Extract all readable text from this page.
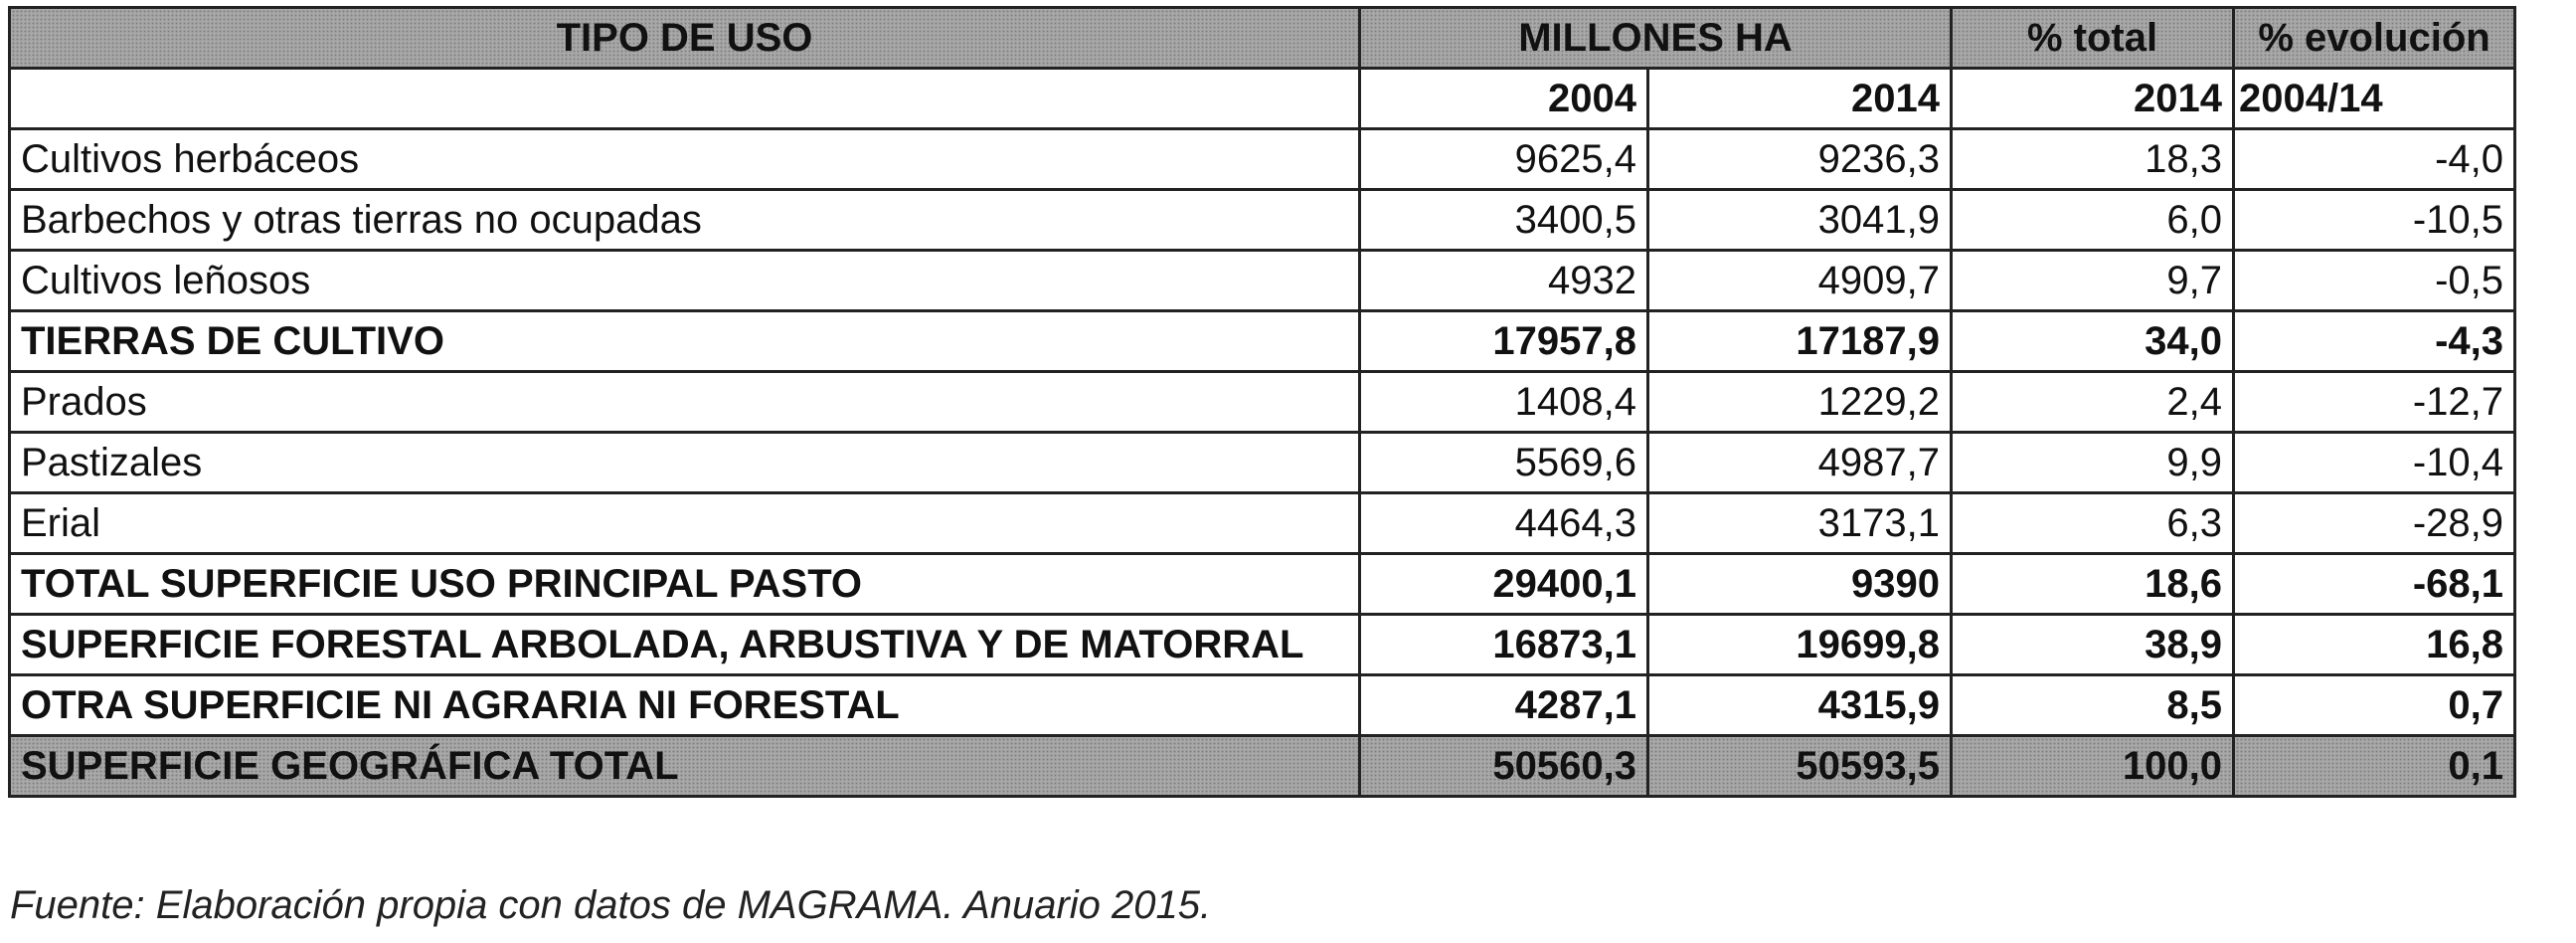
TIPO DE USO	MILLONES HA		% total	% evolución
	2004	2014	2014	2004/14
Cultivos herbáceos	9625,4	9236,3	18,3	-4,0
Barbechos y otras tierras no ocupadas	3400,5	3041,9	6,0	-10,5
Cultivos leñosos	4932	4909,7	9,7	-0,5
TIERRAS DE CULTIVO	17957,8	17187,9	34,0	-4,3
Prados	1408,4	1229,2	2,4	-12,7
Pastizales	5569,6	4987,7	9,9	-10,4
Erial	4464,3	3173,1	6,3	-28,9
TOTAL SUPERFICIE USO PRINCIPAL PASTO	29400,1	9390	18,6	-68,1
SUPERFICIE FORESTAL ARBOLADA, ARBUSTIVA Y DE MATORRAL	16873,1	19699,8	38,9	16,8
OTRA SUPERFICIE NI AGRARIA NI FORESTAL	4287,1	4315,9	8,5	0,7
SUPERFICIE GEOGRÁFICA TOTAL	50560,3	50593,5	100,0	0,1
Fuente: Elaboración propia con datos de MAGRAMA. Anuario 2015.
